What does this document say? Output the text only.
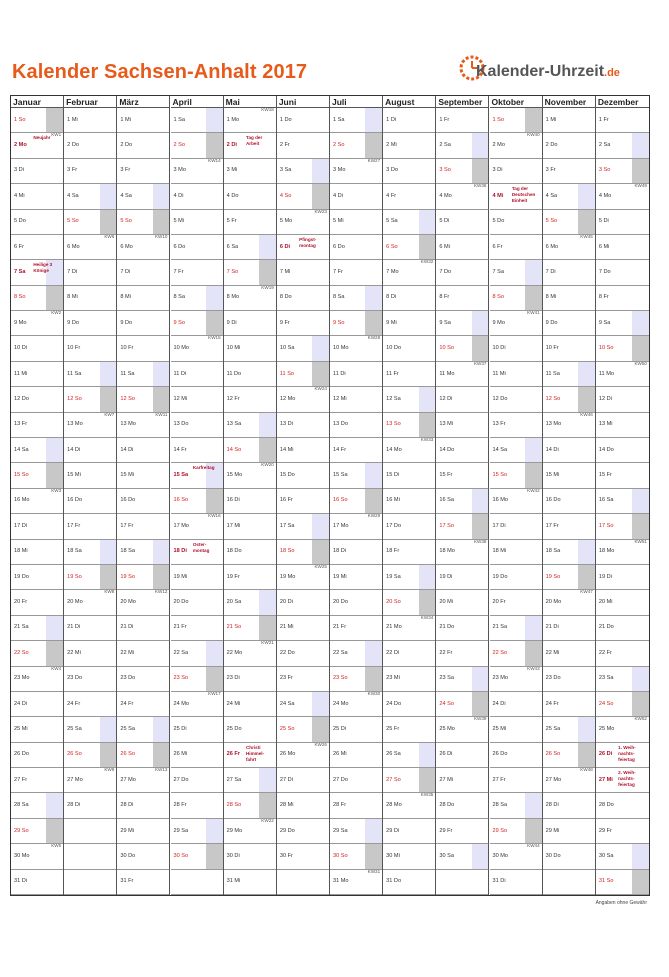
Kalender Sachsen-Anhalt 2017	Kalender-Uhrzeit.de
Januar
1 So
2 Mo
Neujahr
KW1
3 Di
4 Mi
5 Do
6 Fr
7 Sa
Heilige 3 Könige
8 So
9 Mo
KW2
10 Di
11 Mi
12 Do
13 Fr
14 Sa
15 So
16 Mo
KW3
17 Di
18 Mi
19 Do
20 Fr
21 Sa
22 So
23 Mo
KW4
24 Di
25 Mi
26 Do
27 Fr
28 Sa
29 So
30 Mo
KW5
31 Di
Februar
1 Mi
2 Do
3 Fr
4 Sa
5 So
6 Mo
KW6
7 Di
8 Mi
9 Do
10 Fr
11 Sa
12 So
13 Mo
KW7
14 Di
15 Mi
16 Do
17 Fr
18 Sa
19 So
20 Mo
KW8
21 Di
22 Mi
23 Do
24 Fr
25 Sa
26 So
27 Mo
KW9
28 Di
März
1 Mi
2 Do
3 Fr
4 Sa
5 So
6 Mo
KW10
7 Di
8 Mi
9 Do
10 Fr
11 Sa
12 So
13 Mo
KW11
14 Di
15 Mi
16 Do
17 Fr
18 Sa
19 So
20 Mo
KW12
21 Di
22 Mi
23 Do
24 Fr
25 Sa
26 So
27 Mo
KW13
28 Di
29 Mi
30 Do
31 Fr
April
1 Sa
2 So
3 Mo
KW14
4 Di
5 Mi
6 Do
7 Fr
8 Sa
9 So
10 Mo
KW15
11 Di
12 Mi
13 Do
14 Fr
15 Sa
Karfreitag
16 So
17 Mo
KW16
18 Di
Oster-montag
19 Mi
20 Do
21 Fr
22 Sa
23 So
24 Mo
KW17
25 Di
26 Mi
27 Do
28 Fr
29 Sa
30 So
Mai
1 Mo
KW18
2 Di
Tag der Arbeit
3 Mi
4 Do
5 Fr
6 Sa
7 So
8 Mo
KW19
9 Di
10 Mi
11 Do
12 Fr
13 Sa
14 So
15 Mo
KW20
16 Di
17 Mi
18 Do
19 Fr
20 Sa
21 So
22 Mo
KW21
23 Di
24 Mi
25 Do
26 Fr
Christi Himmel-fahrt
27 Sa
28 So
29 Mo
KW22
30 Di
31 Mi
Juni
1 Do
2 Fr
3 Sa
4 So
5 Mo
KW23
6 Di
Pfingst-montag
7 Mi
8 Do
9 Fr
10 Sa
11 So
12 Mo
KW24
13 Di
14 Mi
15 Do
16 Fr
17 Sa
18 So
19 Mo
KW25
20 Di
21 Mi
22 Do
23 Fr
24 Sa
25 So
26 Mo
KW26
27 Di
28 Mi
29 Do
30 Fr
Juli
1 Sa
2 So
3 Mo
KW27
4 Di
5 Mi
6 Do
7 Fr
8 Sa
9 So
10 Mo
KW28
11 Di
12 Mi
13 Do
14 Fr
15 Sa
16 So
17 Mo
KW29
18 Di
19 Mi
20 Do
21 Fr
22 Sa
23 So
24 Mo
KW30
25 Di
26 Mi
27 Do
28 Fr
29 Sa
30 So
31 Mo
KW31
August
1 Di
2 Mi
3 Do
4 Fr
5 Sa
6 So
7 Mo
KW32
8 Di
9 Mi
10 Do
11 Fr
12 Sa
13 So
14 Mo
KW33
15 Di
16 Mi
17 Do
18 Fr
19 Sa
20 So
21 Mo
KW34
22 Di
23 Mi
24 Do
25 Fr
26 Sa
27 So
28 Mo
KW35
29 Di
30 Mi
31 Do
September
1 Fr
2 Sa
3 So
4 Mo
KW36
5 Di
6 Mi
7 Do
8 Fr
9 Sa
10 So
11 Mo
KW37
12 Di
13 Mi
14 Do
15 Fr
16 Sa
17 So
18 Mo
KW38
19 Di
20 Mi
21 Do
22 Fr
23 Sa
24 So
25 Mo
KW39
26 Di
27 Mi
28 Do
29 Fr
30 Sa
Oktober
1 So
2 Mo
KW40
3 Di
4 Mi
Tag der Deutschen Einheit
5 Do
6 Fr
7 Sa
8 So
9 Mo
KW41
10 Di
11 Mi
12 Do
13 Fr
14 Sa
15 So
16 Mo
KW42
17 Di
18 Mi
19 Do
20 Fr
21 Sa
22 So
23 Mo
KW43
24 Di
25 Mi
26 Do
27 Fr
28 Sa
29 So
30 Mo
KW44
31 Di
November
1 Mi
2 Do
3 Fr
4 Sa
5 So
6 Mo
KW45
7 Di
8 Mi
9 Do
10 Fr
11 Sa
12 So
13 Mo
KW46
14 Di
15 Mi
16 Do
17 Fr
18 Sa
19 So
20 Mo
KW47
21 Di
22 Mi
23 Do
24 Fr
25 Sa
26 So
27 Mo
KW48
28 Di
29 Mi
30 Do
Dezember
1 Fr
2 Sa
3 So
4 Mo
KW49
5 Di
6 Mi
7 Do
8 Fr
9 Sa
10 So
11 Mo
KW50
12 Di
13 Mi
14 Do
15 Fr
16 Sa
17 So
18 Mo
KW51
19 Di
20 Mi
21 Do
22 Fr
23 Sa
24 So
25 Mo
KW52
26 Di
1. Weih-nachts-feiertag
27 Mi
2. Weih-nachts-feiertag
28 Do
29 Fr
30 Sa
31 So
Angaben ohne Gewähr
